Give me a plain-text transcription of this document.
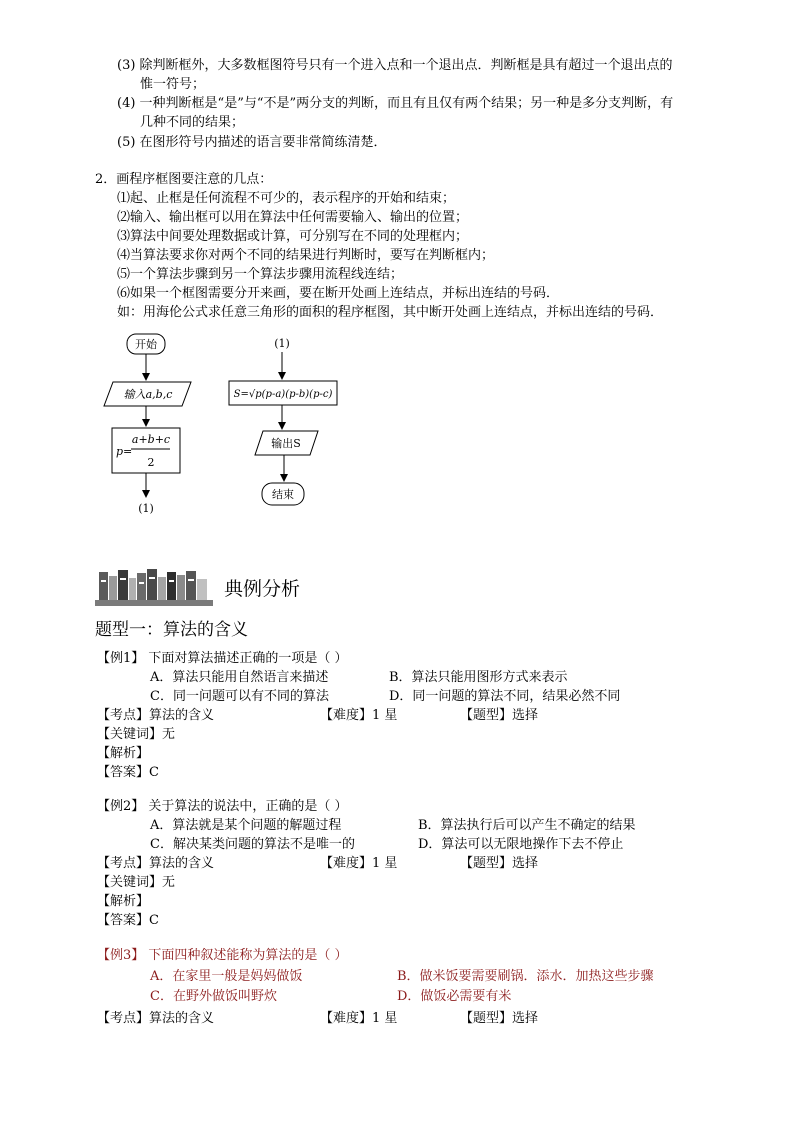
(3) 除判断框外，大多数框图符号只有一个进入点和一个退出点．判断框是具有超过一个退出点的
惟一符号；
(4) 一种判断框是“是”与“不是”两分支的判断，而且有且仅有两个结果；另一种是多分支判断，有
几种不同的结果；
(5) 在图形符号内描述的语言要非常简练清楚．
2．画程序框图要注意的几点：
⑴起、止框是任何流程不可少的，表示程序的开始和结束；
⑵输入、输出框可以用在算法中任何需要输入、输出的位置；
⑶算法中间要处理数据或计算，可分别写在不同的处理框内；
⑷当算法要求你对两个不同的结果进行判断时，要写在判断框内；
⑸一个算法步骤到另一个算法步骤用流程线连结；
⑹如果一个框图需要分开来画，要在断开处画上连结点，并标出连结的号码．
如：用海伦公式求任意三角形的面积的程序框图，其中断开处画上连结点，并标出连结的号码．
开始
输入a,b,c
p=
a+b+c
2
(1)
(1)
S=√p(p-a)(p-b)(p-c)
输出S
结束
典例分析
题型一：算法的含义
【例1】 下面对算法描述正确的一项是（ ）
A．算法只能用自然语言来描述	B．算法只能用图形方式来表示
C．同一问题可以有不同的算法	D．同一问题的算法不同，结果必然不同
【考点】算法的含义	【难度】1 星	【题型】选择
【关键词】无
【解析】
【答案】C
【例2】 关于算法的说法中，正确的是（ ）
A．算法就是某个问题的解题过程	B．算法执行后可以产生不确定的结果
C．解决某类问题的算法不是唯一的	D．算法可以无限地操作下去不停止
【考点】算法的含义	【难度】1 星	【题型】选择
【关键词】无
【解析】
【答案】C
【例3】 下面四种叙述能称为算法的是（ ）
A．在家里一般是妈妈做饭	B．做米饭要需要刷锅．添水．加热这些步骤
C．在野外做饭叫野炊	D．做饭必需要有米
【考点】算法的含义	【难度】1 星	【题型】选择
